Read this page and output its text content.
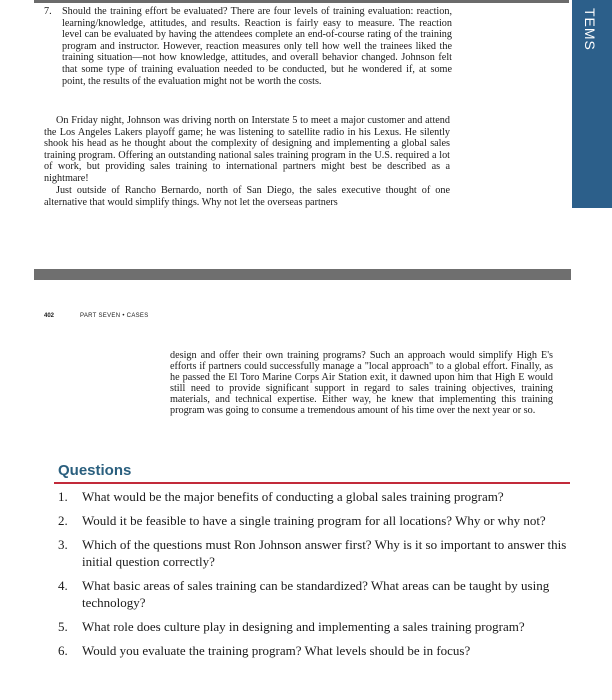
TEMS
7. Should the training effort be evaluated? There are four levels of training evaluation: reaction, learning/knowledge, attitudes, and results. Reaction is fairly easy to measure. The reaction level can be evaluated by having the attendees complete an end-of-course rating of the training program and instructor. However, reaction measures only tell how well the trainees liked the training situation—not how knowledge, attitudes, and overall behavior changed. Johnson felt that some type of training evaluation needed to be conducted, but he wondered if, at some point, the results of the evaluation might not be worth the costs.
On Friday night, Johnson was driving north on Interstate 5 to meet a major customer and attend the Los Angeles Lakers playoff game; he was listening to satellite radio in his Lexus. He silently shook his head as he thought about the complexity of designing and implementing a global sales training program. Offering an outstanding national sales training program in the U.S. required a lot of work, but providing sales training to international partners might best be described as a nightmare!
Just outside of Rancho Bernardo, north of San Diego, the sales executive thought of one alternative that would simplify things. Why not let the overseas partners
402	PART SEVEN • CASES
design and offer their own training programs? Such an approach would simplify High E's efforts if partners could successfully manage a "local approach" to a global effort. Finally, as he passed the El Toro Marine Corps Air Station exit, it dawned upon him that High E would still need to provide significant support in regard to sales training objectives, training materials, and technical expertise. Either way, he knew that implementing this training program was going to consume a tremendous amount of his time over the next year or so.
Questions
1. What would be the major benefits of conducting a global sales training program?
2. Would it be feasible to have a single training program for all locations? Why or why not?
3. Which of the questions must Ron Johnson answer first? Why is it so important to answer this initial question correctly?
4. What basic areas of sales training can be standardized? What areas can be taught by using technology?
5. What role does culture play in designing and implementing a sales training program?
6. Would you evaluate the training program? What levels should be in focus?
